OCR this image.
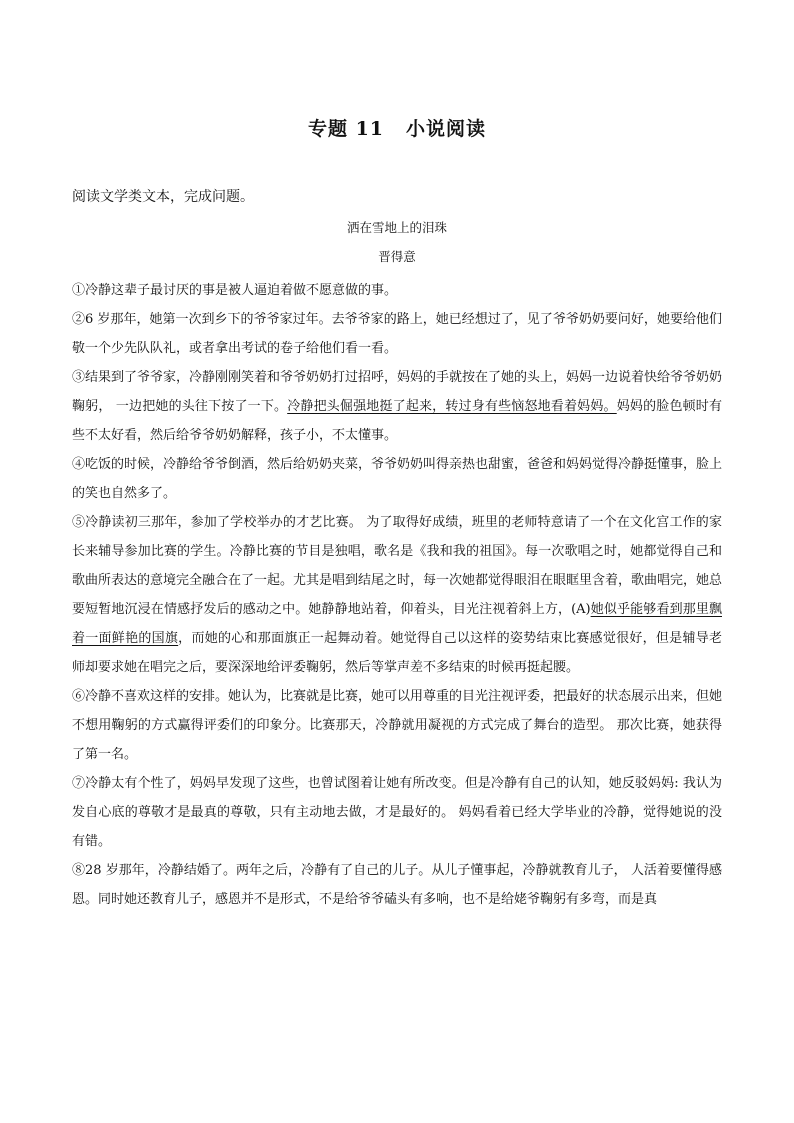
专题 11 小说阅读
阅读文学类文本，完成问题。
洒在雪地上的泪珠
晋得意

①冷静这辈子最讨厌的事是被人逼迫着做不愿意做的事。

②6 岁那年，她第一次到乡下的爷爷家过年。去爷爷家的路上，她已经想过了，见了爷爷奶奶要问好，她要给他们敬一个少先队队礼，或者拿出考试的卷子给他们看一看。

③结果到了爷爷家，冷静刚刚笑着和爷爷奶奶打过招呼，妈妈的手就按在了她的头上，妈妈一边说着快给爷爷奶奶鞠躬， 一边把她的头往下按了一下。冷静把头倔强地挺了起来，转过身有些恼怒地看着妈妈。妈妈的脸色顿时有些不太好看，然后给爷爷奶奶解释，孩子小，不太懂事。

④吃饭的时候，冷静给爷爷倒酒，然后给奶奶夹菜，爷爷奶奶叫得亲热也甜蜜，爸爸和妈妈觉得冷静挺懂事，脸上的笑也自然多了。

⑤冷静读初三那年，参加了学校举办的才艺比赛。 为了取得好成绩，班里的老师特意请了一个在文化宫工作的家长来辅导参加比赛的学生。冷静比赛的节目是独唱，歌名是《我和我的祖国》。每一次歌唱之时，她都觉得自己和歌曲所表达的意境完全融合在了一起。尤其是唱到结尾之时，每一次她都觉得眼泪在眼眶里含着，歌曲唱完，她总要短暂地沉浸在情感抒发后的感动之中。她静静地站着，仰着头，目光注视着斜上方，(A)她似乎能够看到那里飘着一面鲜艳的国旗，而她的心和那面旗正一起舞动着。她觉得自己以这样的姿势结束比赛感觉很好，但是辅导老师却要求她在唱完之后，要深深地给评委鞠躬，然后等掌声差不多结束的时候再挺起腰。

⑥冷静不喜欢这样的安排。她认为，比赛就是比赛，她可以用尊重的目光注视评委，把最好的状态展示出来，但她不想用鞠躬的方式赢得评委们的印象分。比赛那天，冷静就用凝视的方式完成了舞台的造型。 那次比赛，她获得了第一名。

⑦冷静太有个性了，妈妈早发现了这些，也曾试图着让她有所改变。但是冷静有自己的认知，她反驳妈妈: 我认为发自心底的尊敬才是最真的尊敬，只有主动地去做，才是最好的。 妈妈看着已经大学毕业的冷静，觉得她说的没有错。

⑧28 岁那年，冷静结婚了。两年之后，冷静有了自己的儿子。从儿子懂事起，冷静就教育儿子， 人活着要懂得感恩。同时她还教育儿子，感恩并不是形式，不是给爷爷磕头有多响，也不是给姥爷鞠躬有多弯，而是真
